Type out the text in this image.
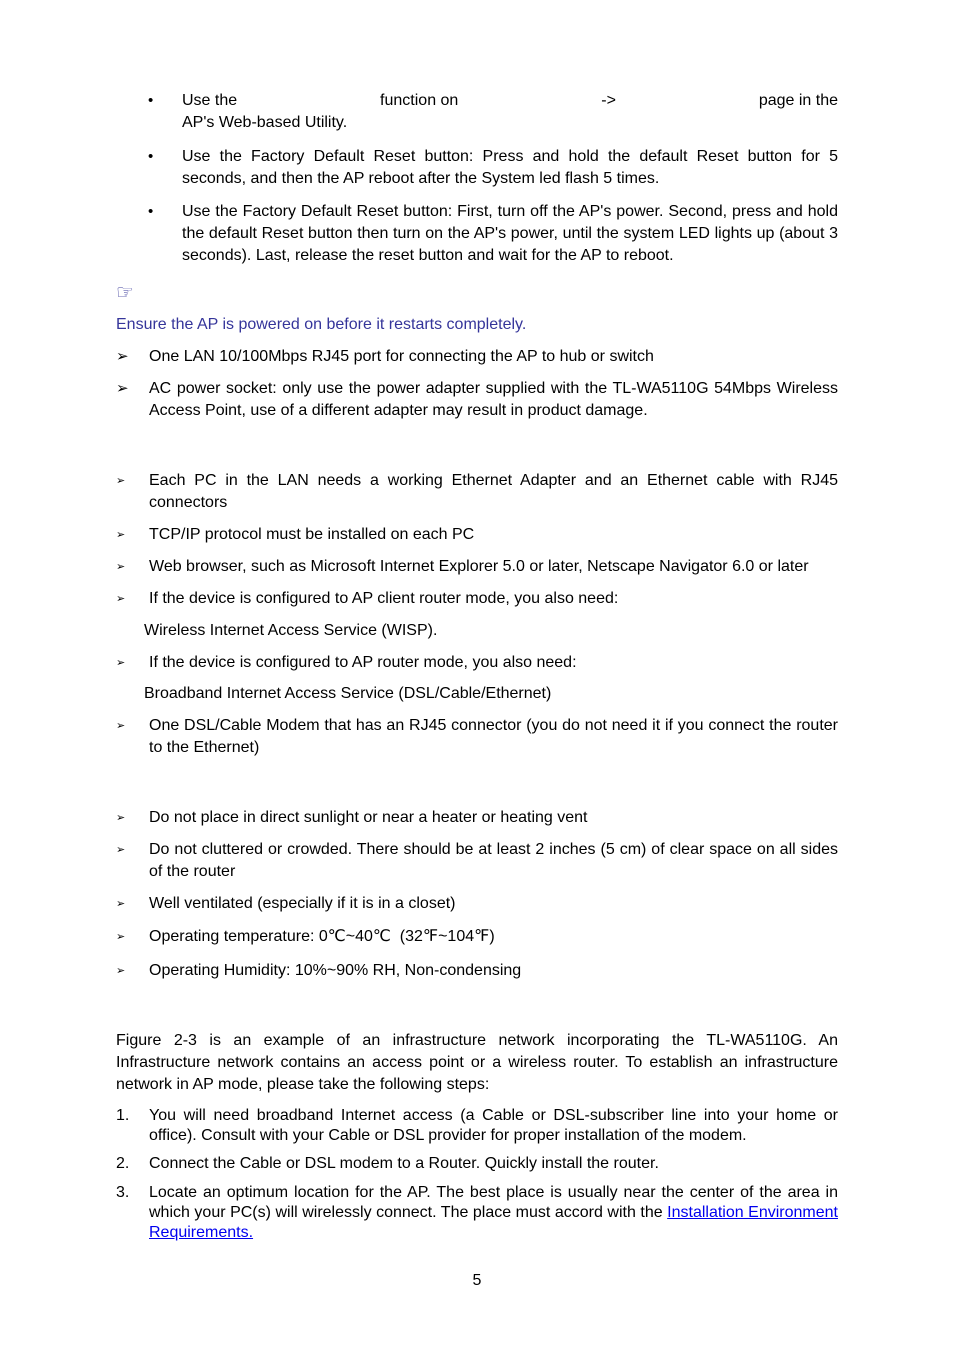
• Use the	function on	->	page in the
AP's Web-based Utility.
• Use the Factory Default Reset button: Press and hold the default Reset button for 5 seconds, and then the AP reboot after the System led flash 5 times.
• Use the Factory Default Reset button: First, turn off the AP's power. Second, press and hold the default Reset button then turn on the AP's power, until the system LED lights up (about 3 seconds). Last, release the reset button and wait for the AP to reboot.
☞
Ensure the AP is powered on before it restarts completely.
➢ One LAN 10/100Mbps RJ45 port for connecting the AP to hub or switch
➢ AC power socket: only use the power adapter supplied with the TL-WA5110G 54Mbps Wireless Access Point, use of a different adapter may result in product damage.
➢ Each PC in the LAN needs a working Ethernet Adapter and an Ethernet cable with RJ45 connectors
➢ TCP/IP protocol must be installed on each PC
➢ Web browser, such as Microsoft Internet Explorer 5.0 or later, Netscape Navigator 6.0 or later
➢ If the device is configured to AP client router mode, you also need:
Wireless Internet Access Service (WISP).
➢ If the device is configured to AP router mode, you also need:
Broadband Internet Access Service (DSL/Cable/Ethernet)
➢ One DSL/Cable Modem that has an RJ45 connector (you do not need it if you connect the router to the Ethernet)
➢ Do not place in direct sunlight or near a heater or heating vent
➢ Do not cluttered or crowded. There should be at least 2 inches (5 cm) of clear space on all sides of the router
➢ Well ventilated (especially if it is in a closet)
➢ Operating temperature: 0℃~40℃  (32℉~104℉)
➢ Operating Humidity: 10%~90% RH, Non-condensing
Figure 2-3 is an example of an infrastructure network incorporating the TL-WA5110G. An Infrastructure network contains an access point or a wireless router. To establish an infrastructure network in AP mode, please take the following steps:
1. You will need broadband Internet access (a Cable or DSL-subscriber line into your home or office). Consult with your Cable or DSL provider for proper installation of the modem.
2. Connect the Cable or DSL modem to a Router. Quickly install the router.
3. Locate an optimum location for the AP. The best place is usually near the center of the area in which your PC(s) will wirelessly connect. The place must accord with the Installation Environment Requirements.
5
